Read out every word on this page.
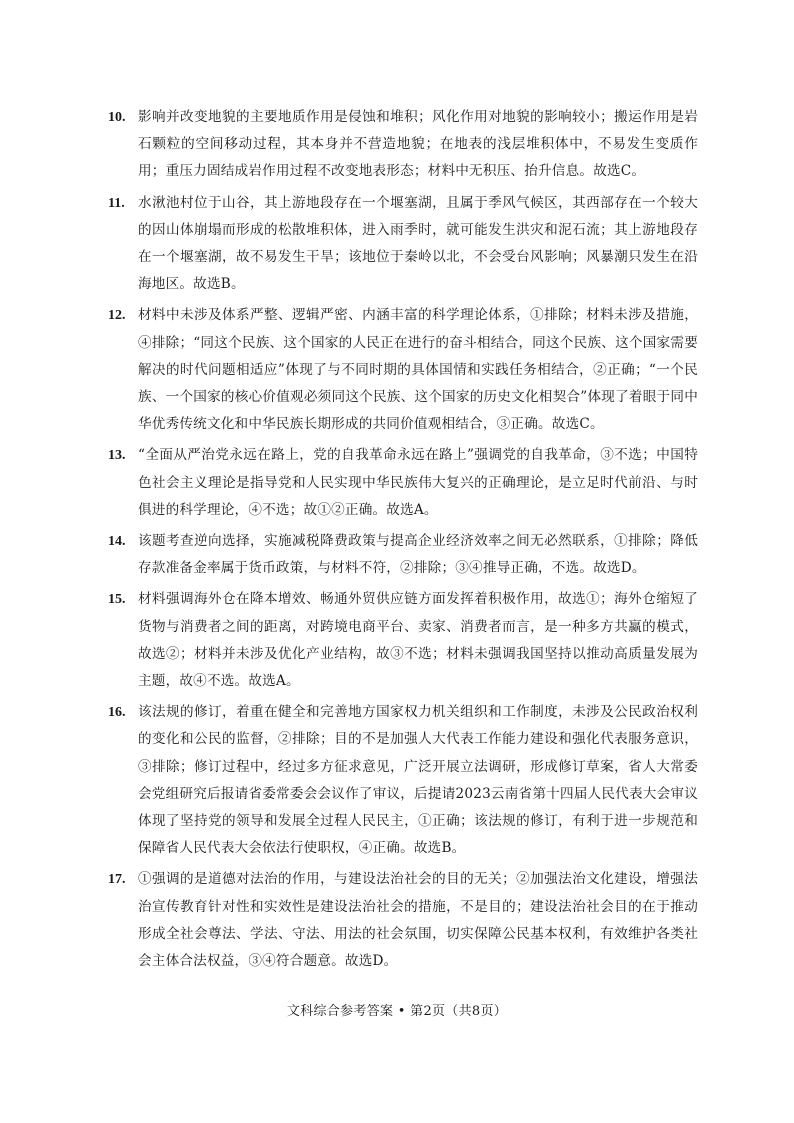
10. 影响并改变地貌的主要地质作用是侵蚀和堆积；风化作用对地貌的影响较小；搬运作用是岩石颗粒的空间移动过程，其本身并不营造地貌；在地表的浅层堆积体中，不易发生变质作用；重压力固结成岩作用过程不改变地表形态；材料中无积压、抬升信息。故选C。
11. 水湫池村位于山谷，其上游地段存在一个堰塞湖，且属于季风气候区，其西部存在一个较大的因山体崩塌而形成的松散堆积体，进入雨季时，就可能发生洪灾和泥石流；其上游地段存在一个堰塞湖，故不易发生干旱；该地位于秦岭以北，不会受台风影响；风暴潮只发生在沿海地区。故选B。
12. 材料中未涉及体系严整、逻辑严密、内涵丰富的科学理论体系，①排除；材料未涉及措施，④排除；“同这个民族、这个国家的人民正在进行的奋斗相结合，同这个民族、这个国家需要解决的时代问题相适应”体现了与不同时期的具体国情和实践任务相结合，②正确；“一个民族、一个国家的核心价值观必须同这个民族、这个国家的历史文化相契合”体现了着眼于同中华优秀传统文化和中华民族长期形成的共同价值观相结合，③正确。故选C。
13. “全面从严治党永远在路上，党的自我革命永远在路上”强调党的自我革命，③不选；中国特色社会主义理论是指导党和人民实现中华民族伟大复兴的正确理论，是立足时代前沿、与时俱进的科学理论，④不选；故①②正确。故选A。
14. 该题考查逆向选择，实施减税降费政策与提高企业经济效率之间无必然联系，①排除；降低存款准备金率属于货币政策，与材料不符，②排除；③④推导正确，不选。故选D。
15. 材料强调海外仓在降本增效、畅通外贸供应链方面发挥着积极作用，故选①；海外仓缩短了货物与消费者之间的距离，对跨境电商平台、卖家、消费者而言，是一种多方共赢的模式，故选②；材料并未涉及优化产业结构，故③不选；材料未强调我国坚持以推动高质量发展为主题，故④不选。故选A。
16. 该法规的修订，着重在健全和完善地方国家权力机关组织和工作制度，未涉及公民政治权利的变化和公民的监督，②排除；目的不是加强人大代表工作能力建设和强化代表服务意识，③排除；修订过程中，经过多方征求意见，广泛开展立法调研，形成修订草案，省人大常委会党组研究后报请省委常委会会议作了审议，后提请2023云南省第十四届人民代表大会审议体现了坚持党的领导和发展全过程人民民主，①正确；该法规的修订，有利于进一步规范和保障省人民代表大会依法行使职权，④正确。故选B。
17. ①强调的是道德对法治的作用，与建设法治社会的目的无关；②加强法治文化建设，增强法治宣传教育针对性和实效性是建设法治社会的措施，不是目的；建设法治社会目的在于推动形成全社会尊法、学法、守法、用法的社会氛围，切实保障公民基本权利，有效维护各类社会主体合法权益，③④符合题意。故选D。
文科综合参考答案 • 第2页（共8页）
